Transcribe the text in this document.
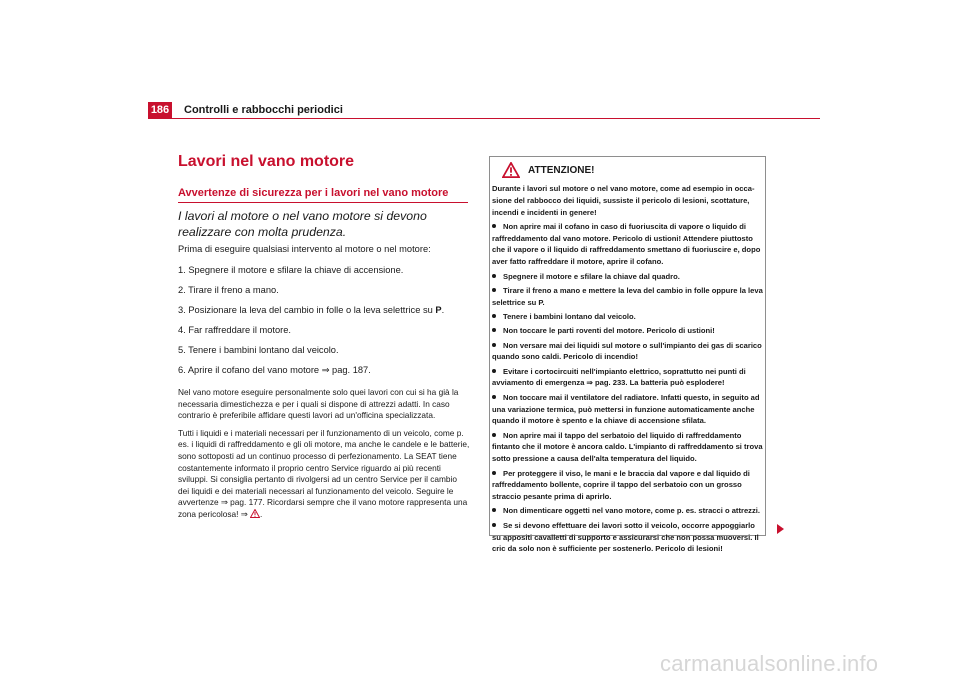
186 Controlli e rabbocchi periodici
Lavori nel vano motore
Avvertenze di sicurezza per i lavori nel vano motore
I lavori al motore o nel vano motore si devono realizzare con molta prudenza.

Prima di eseguire qualsiasi intervento al motore o nel motore:

1. Spegnere il motore e sfilare la chiave di accensione.

2. Tirare il freno a mano.

3. Posizionare la leva del cambio in folle o la leva selettrice su P.

4. Far raffreddare il motore.

5. Tenere i bambini lontano dal veicolo.

6. Aprire il cofano del vano motore ⇒ pag. 187.

Nel vano motore eseguire personalmente solo quei lavori con cui si ha già la necessaria dimestichezza e per i quali si dispone di attrezzi adatti. In caso contrario è preferibile affidare questi lavori ad un'officina specializzata.

Tutti i liquidi e i materiali necessari per il funzionamento di un veicolo, come p. es. i liquidi di raffreddamento e gli oli motore, ma anche le candele e le batterie, sono sottoposti ad un continuo processo di perfezionamento. La SEAT tiene costantemente informato il proprio centro Service riguardo ai più recenti sviluppi. Si consiglia pertanto di rivolgersi ad un centro Service per il cambio dei liquidi e dei materiali necessari al funzionamento del veicolo. Seguire le avvertenze ⇒ pag. 177. Ricordarsi sempre che il vano motore rappresenta una zona pericolosa! ⇒ .

ATTENZIONE!

Durante i lavori sul motore o nel vano motore, come ad esempio in occa-sione del rabbocco dei liquidi, sussiste il pericolo di lesioni, scottature, incendi e incidenti in genere!

Non aprire mai il cofano in caso di fuoriuscita di vapore o liquido di raffreddamento dal vano motore. Pericolo di ustioni! Attendere piuttosto che il vapore o il liquido di raffreddamento smettano di fuoriuscire e, dopo aver fatto raffreddare il motore, aprire il cofano.

Spegnere il motore e sfilare la chiave dal quadro.

Tirare il freno a mano e mettere la leva del cambio in folle oppure la leva selettrice su P.

Tenere i bambini lontano dal veicolo.

Non toccare le parti roventi del motore. Pericolo di ustioni!

Non versare mai dei liquidi sul motore o sull'impianto dei gas di scarico quando sono caldi. Pericolo di incendio!

Evitare i cortocircuiti nell'impianto elettrico, soprattutto nei punti di avviamento di emergenza ⇒ pag. 233. La batteria può esplodere!

Non toccare mai il ventilatore del radiatore. Infatti questo, in seguito ad una variazione termica, può mettersi in funzione automaticamente anche quando il motore è spento e la chiave di accensione sfilata.

Non aprire mai il tappo del serbatoio del liquido di raffreddamento fintanto che il motore è ancora caldo. L'impianto di raffreddamento si trova sotto pressione a causa dell'alta temperatura del liquido.

Per proteggere il viso, le mani e le braccia dal vapore e dal liquido di raffreddamento bollente, coprire il tappo del serbatoio con un grosso straccio pesante prima di aprirlo.

Non dimenticare oggetti nel vano motore, come p. es. stracci o attrezzi.

Se si devono effettuare dei lavori sotto il veicolo, occorre appoggiarlo su appositi cavalletti di supporto e assicurarsi che non possa muoversi. Il cric da solo non è sufficiente per sostenerlo. Pericolo di lesioni!

carmanualsonline.info
